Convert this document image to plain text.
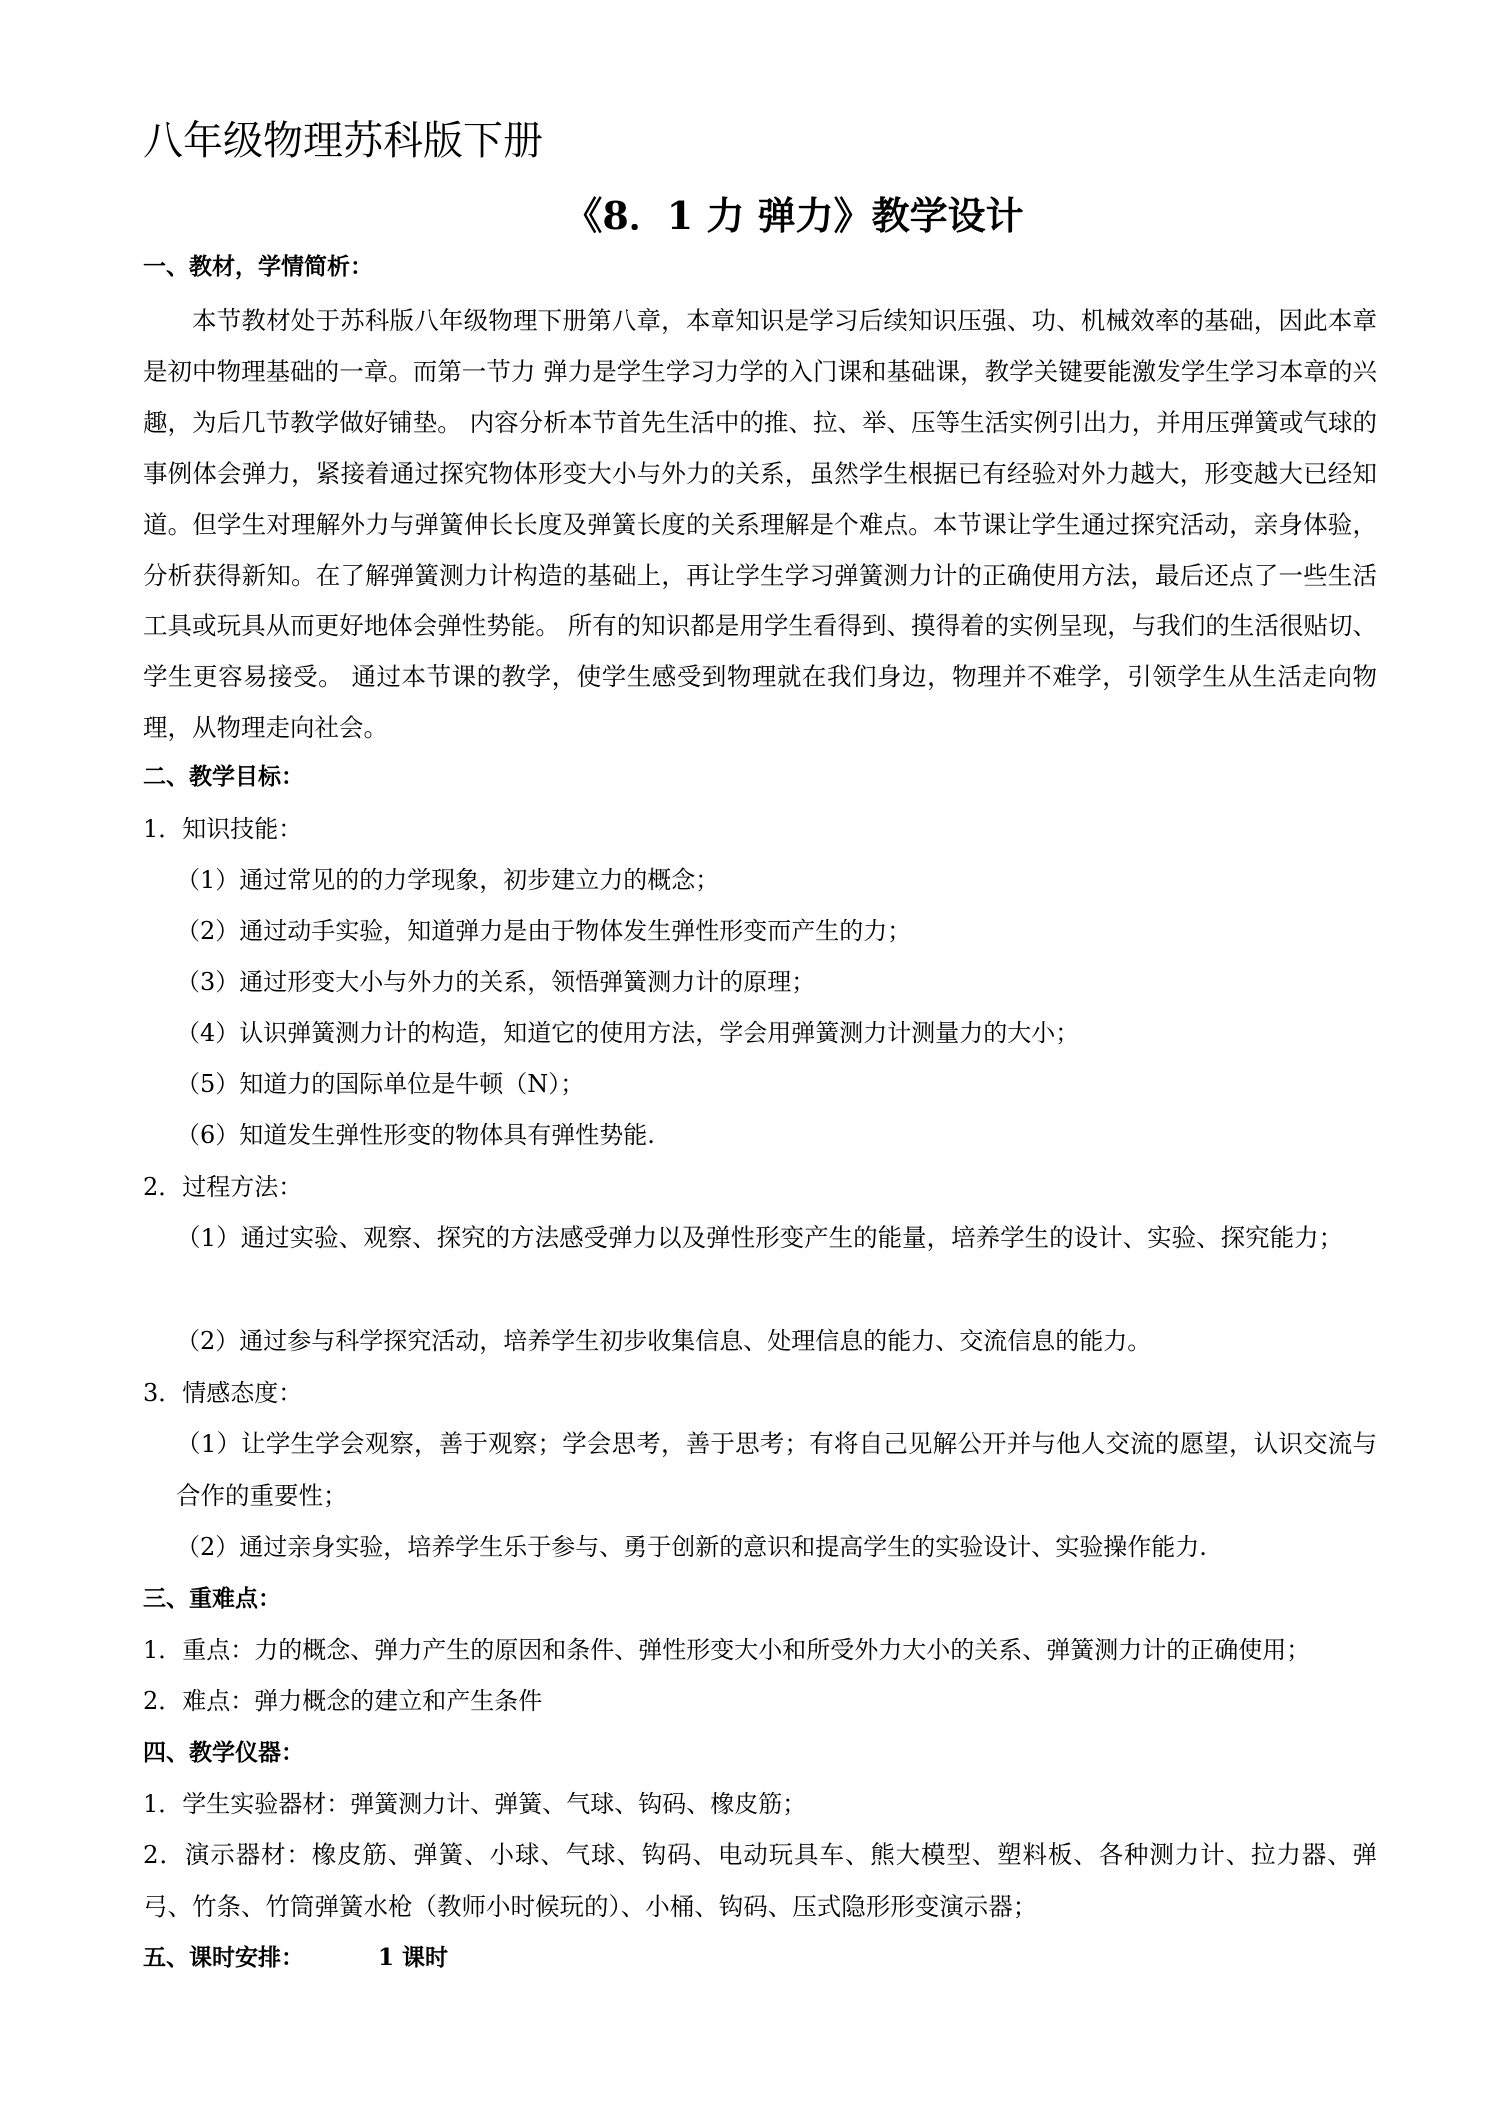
八年级物理苏科版下册
《8．1 力 弹力》教学设计
一、教材，学情简析：
本节教材处于苏科版八年级物理下册第八章，本章知识是学习后续知识压强、功、机械效率的基础，因此本章是初中物理基础的一章。而第一节力 弹力是学生学习力学的入门课和基础课，教学关键要能激发学生学习本章的兴趣，为后几节教学做好铺垫。 内容分析本节首先生活中的推、拉、举、压等生活实例引出力，并用压弹簧或气球的事例体会弹力，紧接着通过探究物体形变大小与外力的关系，虽然学生根据已有经验对外力越大，形变越大已经知道。但学生对理解外力与弹簧伸长长度及弹簧长度的关系理解是个难点。本节课让学生通过探究活动，亲身体验，分析获得新知。在了解弹簧测力计构造的基础上，再让学生学习弹簧测力计的正确使用方法，最后还点了一些生活工具或玩具从而更好地体会弹性势能。 所有的知识都是用学生看得到、摸得着的实例呈现，与我们的生活很贴切、学生更容易接受。 通过本节课的教学，使学生感受到物理就在我们身边，物理并不难学，引领学生从生活走向物理，从物理走向社会。
二、教学目标：
1．知识技能：
（1）通过常见的的力学现象，初步建立力的概念；
（2）通过动手实验，知道弹力是由于物体发生弹性形变而产生的力；
（3）通过形变大小与外力的关系，领悟弹簧测力计的原理；
（4）认识弹簧测力计的构造，知道它的使用方法，学会用弹簧测力计测量力的大小；
（5）知道力的国际单位是牛顿（N）；
（6）知道发生弹性形变的物体具有弹性势能.
2．过程方法：
（1）通过实验、观察、探究的方法感受弹力以及弹性形变产生的能量，培养学生的设计、实验、探究能力；
（2）通过参与科学探究活动，培养学生初步收集信息、处理信息的能力、交流信息的能力。
3．情感态度：
（1）让学生学会观察，善于观察；学会思考，善于思考；有将自己见解公开并与他人交流的愿望，认识交流与合作的重要性；
（2）通过亲身实验，培养学生乐于参与、勇于创新的意识和提高学生的实验设计、实验操作能力.
三、重难点：
1．重点：力的概念、弹力产生的原因和条件、弹性形变大小和所受外力大小的关系、弹簧测力计的正确使用；
2．难点：弹力概念的建立和产生条件
四、教学仪器：
1．学生实验器材：弹簧测力计、弹簧、气球、钩码、橡皮筋；
2．演示器材：橡皮筋、弹簧、小球、气球、钩码、电动玩具车、熊大模型、塑料板、各种测力计、拉力器、弹弓、竹条、竹筒弹簧水枪（教师小时候玩的）、小桶、钩码、压式隐形形变演示器；
五、课时安排：	1 课时
